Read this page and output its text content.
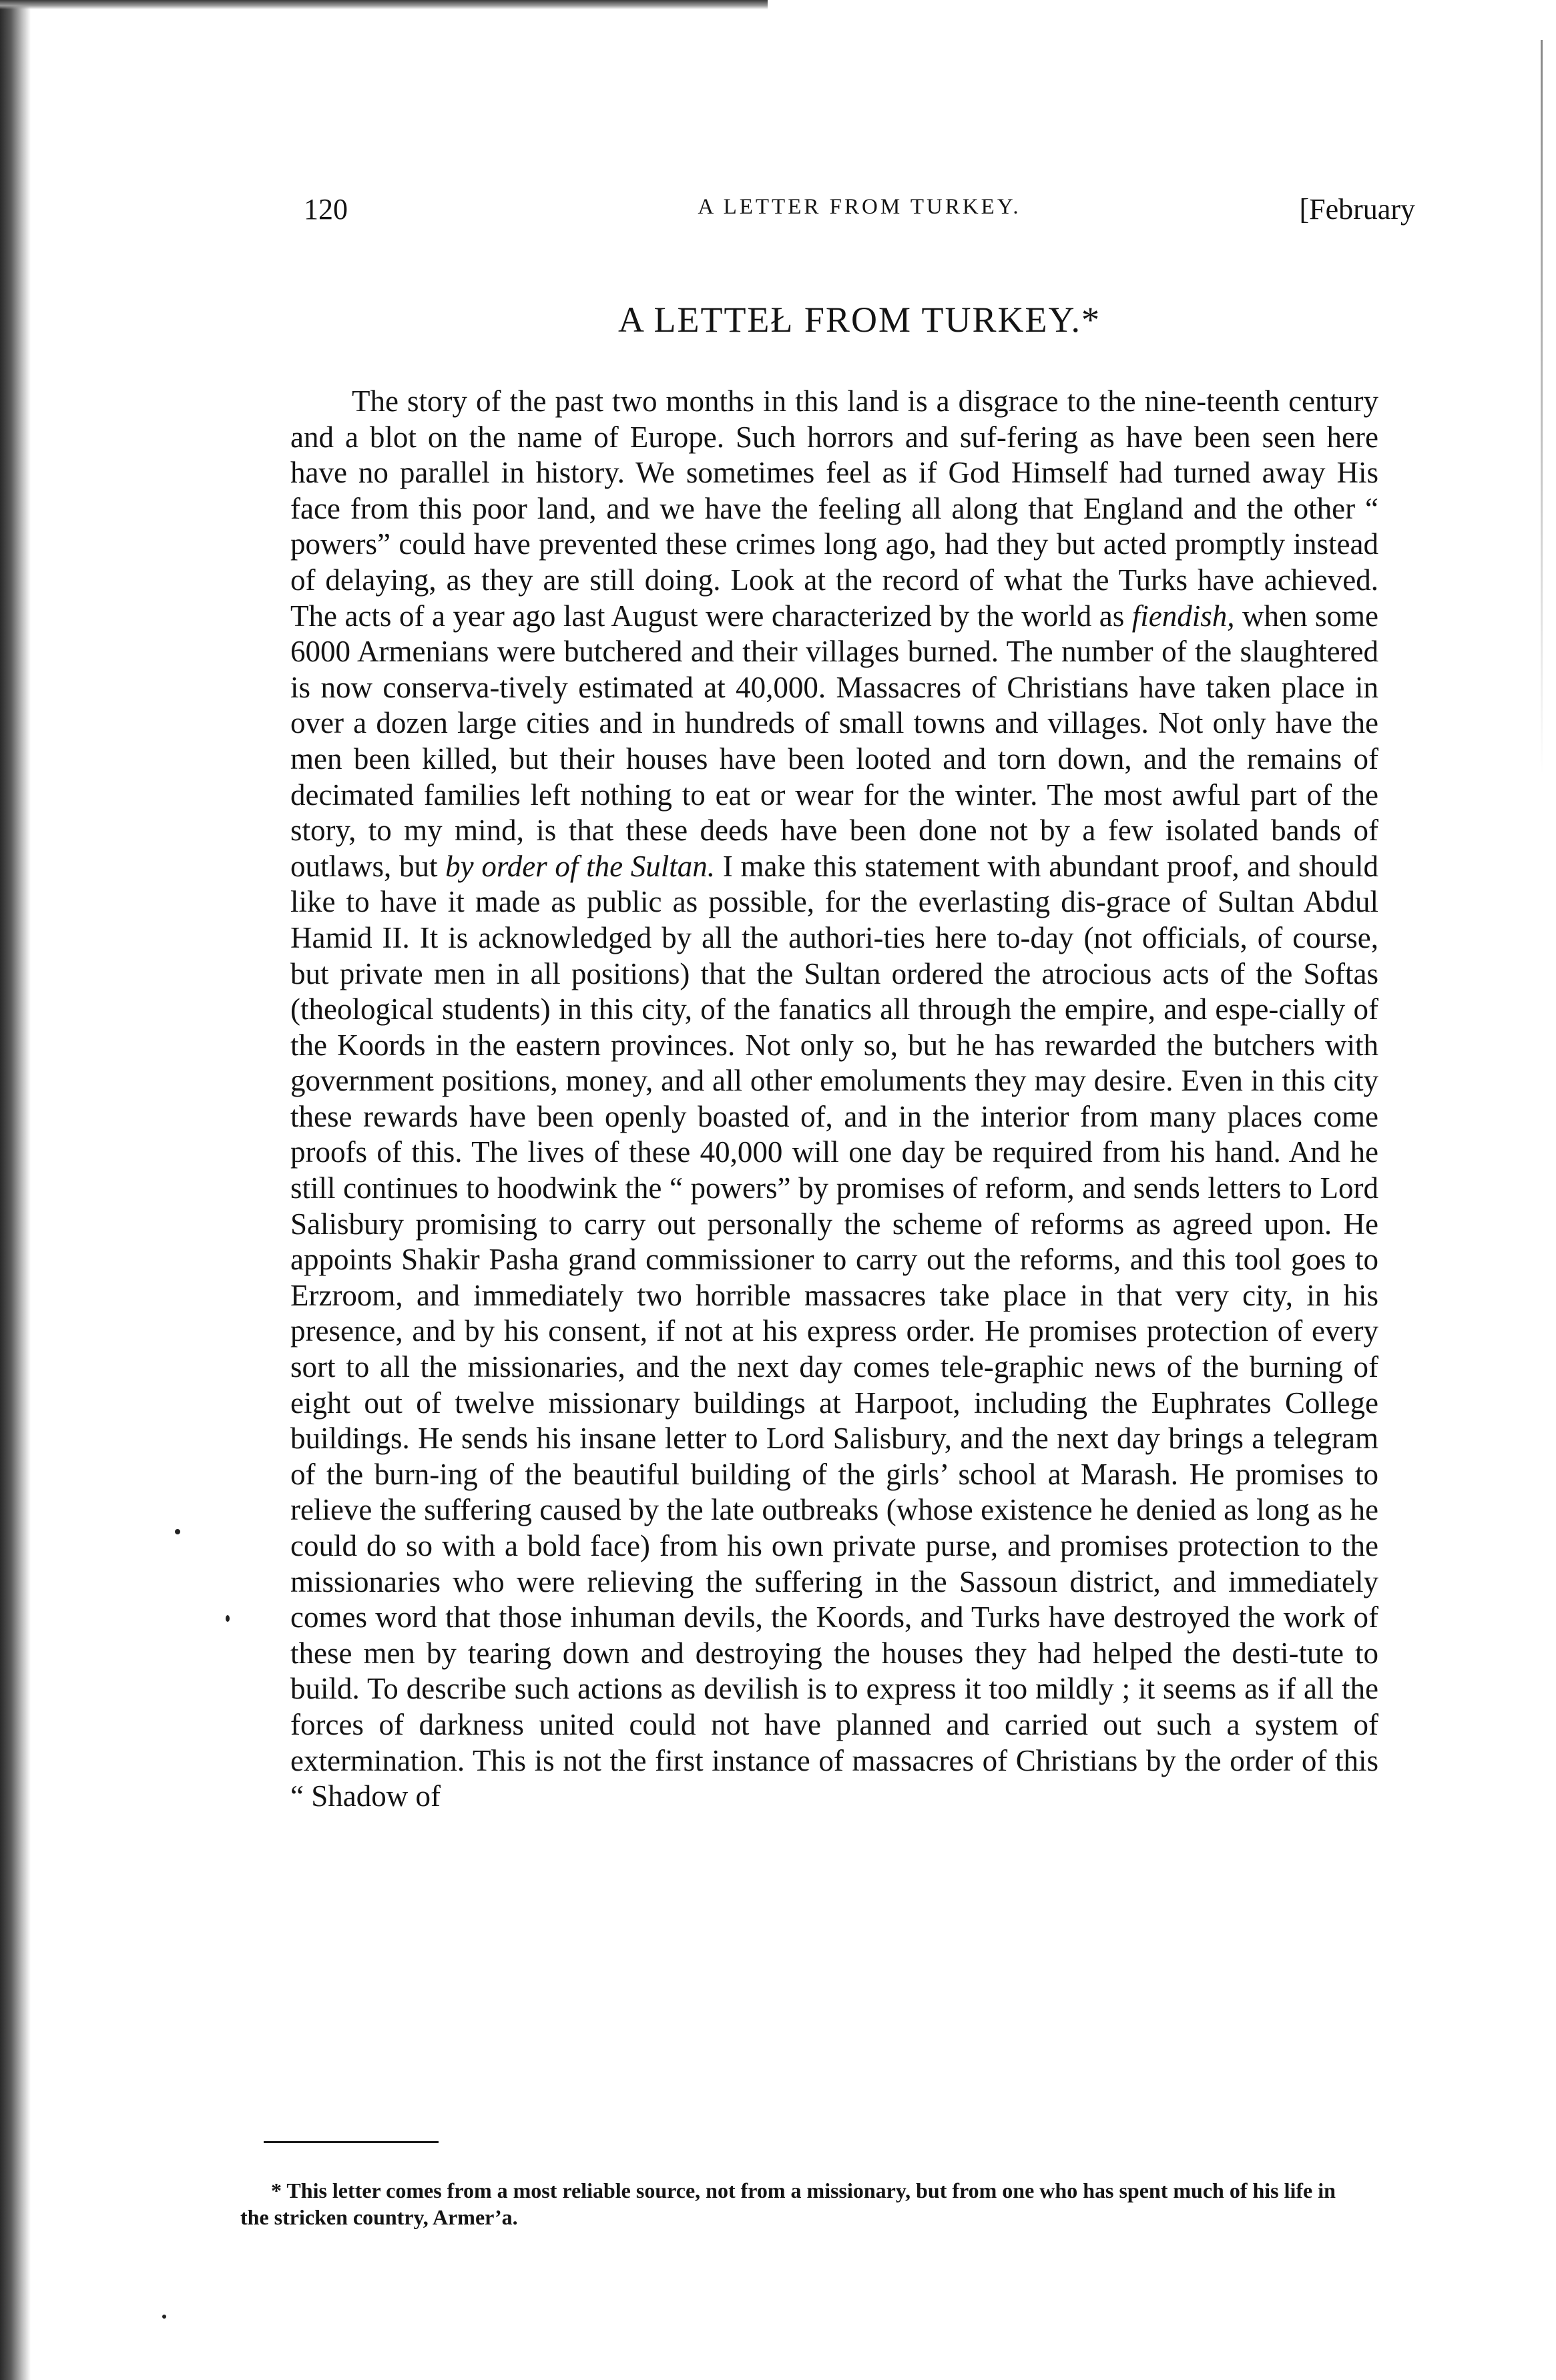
120	A LETTER FROM TURKEY.	[February
A LETTEŁ FROM TURKEY.*

The story of the past two months in this land is a disgrace to the nine-teenth century and a blot on the name of Europe. Such horrors and suf-fering as have been seen here have no parallel in history. We sometimes feel as if God Himself had turned away His face from this poor land, and we have the feeling all along that England and the other “ powers” could have prevented these crimes long ago, had they but acted promptly instead of delaying, as they are still doing. Look at the record of what the Turks have achieved. The acts of a year ago last August were characterized by the world as fiendish, when some 6000 Armenians were butchered and their villages burned. The number of the slaughtered is now conserva-tively estimated at 40,000. Massacres of Christians have taken place in over a dozen large cities and in hundreds of small towns and villages. Not only have the men been killed, but their houses have been looted and torn down, and the remains of decimated families left nothing to eat or wear for the winter. The most awful part of the story, to my mind, is that these deeds have been done not by a few isolated bands of outlaws, but by order of the Sultan. I make this statement with abundant proof, and should like to have it made as public as possible, for the everlasting dis-grace of Sultan Abdul Hamid II. It is acknowledged by all the authori-ties here to-day (not officials, of course, but private men in all positions) that the Sultan ordered the atrocious acts of the Softas (theological students) in this city, of the fanatics all through the empire, and espe-cially of the Koords in the eastern provinces. Not only so, but he has rewarded the butchers with government positions, money, and all other emoluments they may desire. Even in this city these rewards have been openly boasted of, and in the interior from many places come proofs of this. The lives of these 40,000 will one day be required from his hand. And he still continues to hoodwink the “ powers” by promises of reform, and sends letters to Lord Salisbury promising to carry out personally the scheme of reforms as agreed upon. He appoints Shakir Pasha grand commissioner to carry out the reforms, and this tool goes to Erzroom, and immediately two horrible massacres take place in that very city, in his presence, and by his consent, if not at his express order. He promises protection of every sort to all the missionaries, and the next day comes tele-graphic news of the burning of eight out of twelve missionary buildings at Harpoot, including the Euphrates College buildings. He sends his insane letter to Lord Salisbury, and the next day brings a telegram of the burn-ing of the beautiful building of the girls’ school at Marash. He promises to relieve the suffering caused by the late outbreaks (whose existence he denied as long as he could do so with a bold face) from his own private purse, and promises protection to the missionaries who were relieving the suffering in the Sassoun district, and immediately comes word that those inhuman devils, the Koords, and Turks have destroyed the work of these men by tearing down and destroying the houses they had helped the desti-tute to build. To describe such actions as devilish is to express it too mildly ; it seems as if all the forces of darkness united could not have planned and carried out such a system of extermination. This is not the first instance of massacres of Christians by the order of this “ Shadow of

* This letter comes from a most reliable source, not from a missionary, but from one who has spent much of his life in the stricken country, Armer’a.
